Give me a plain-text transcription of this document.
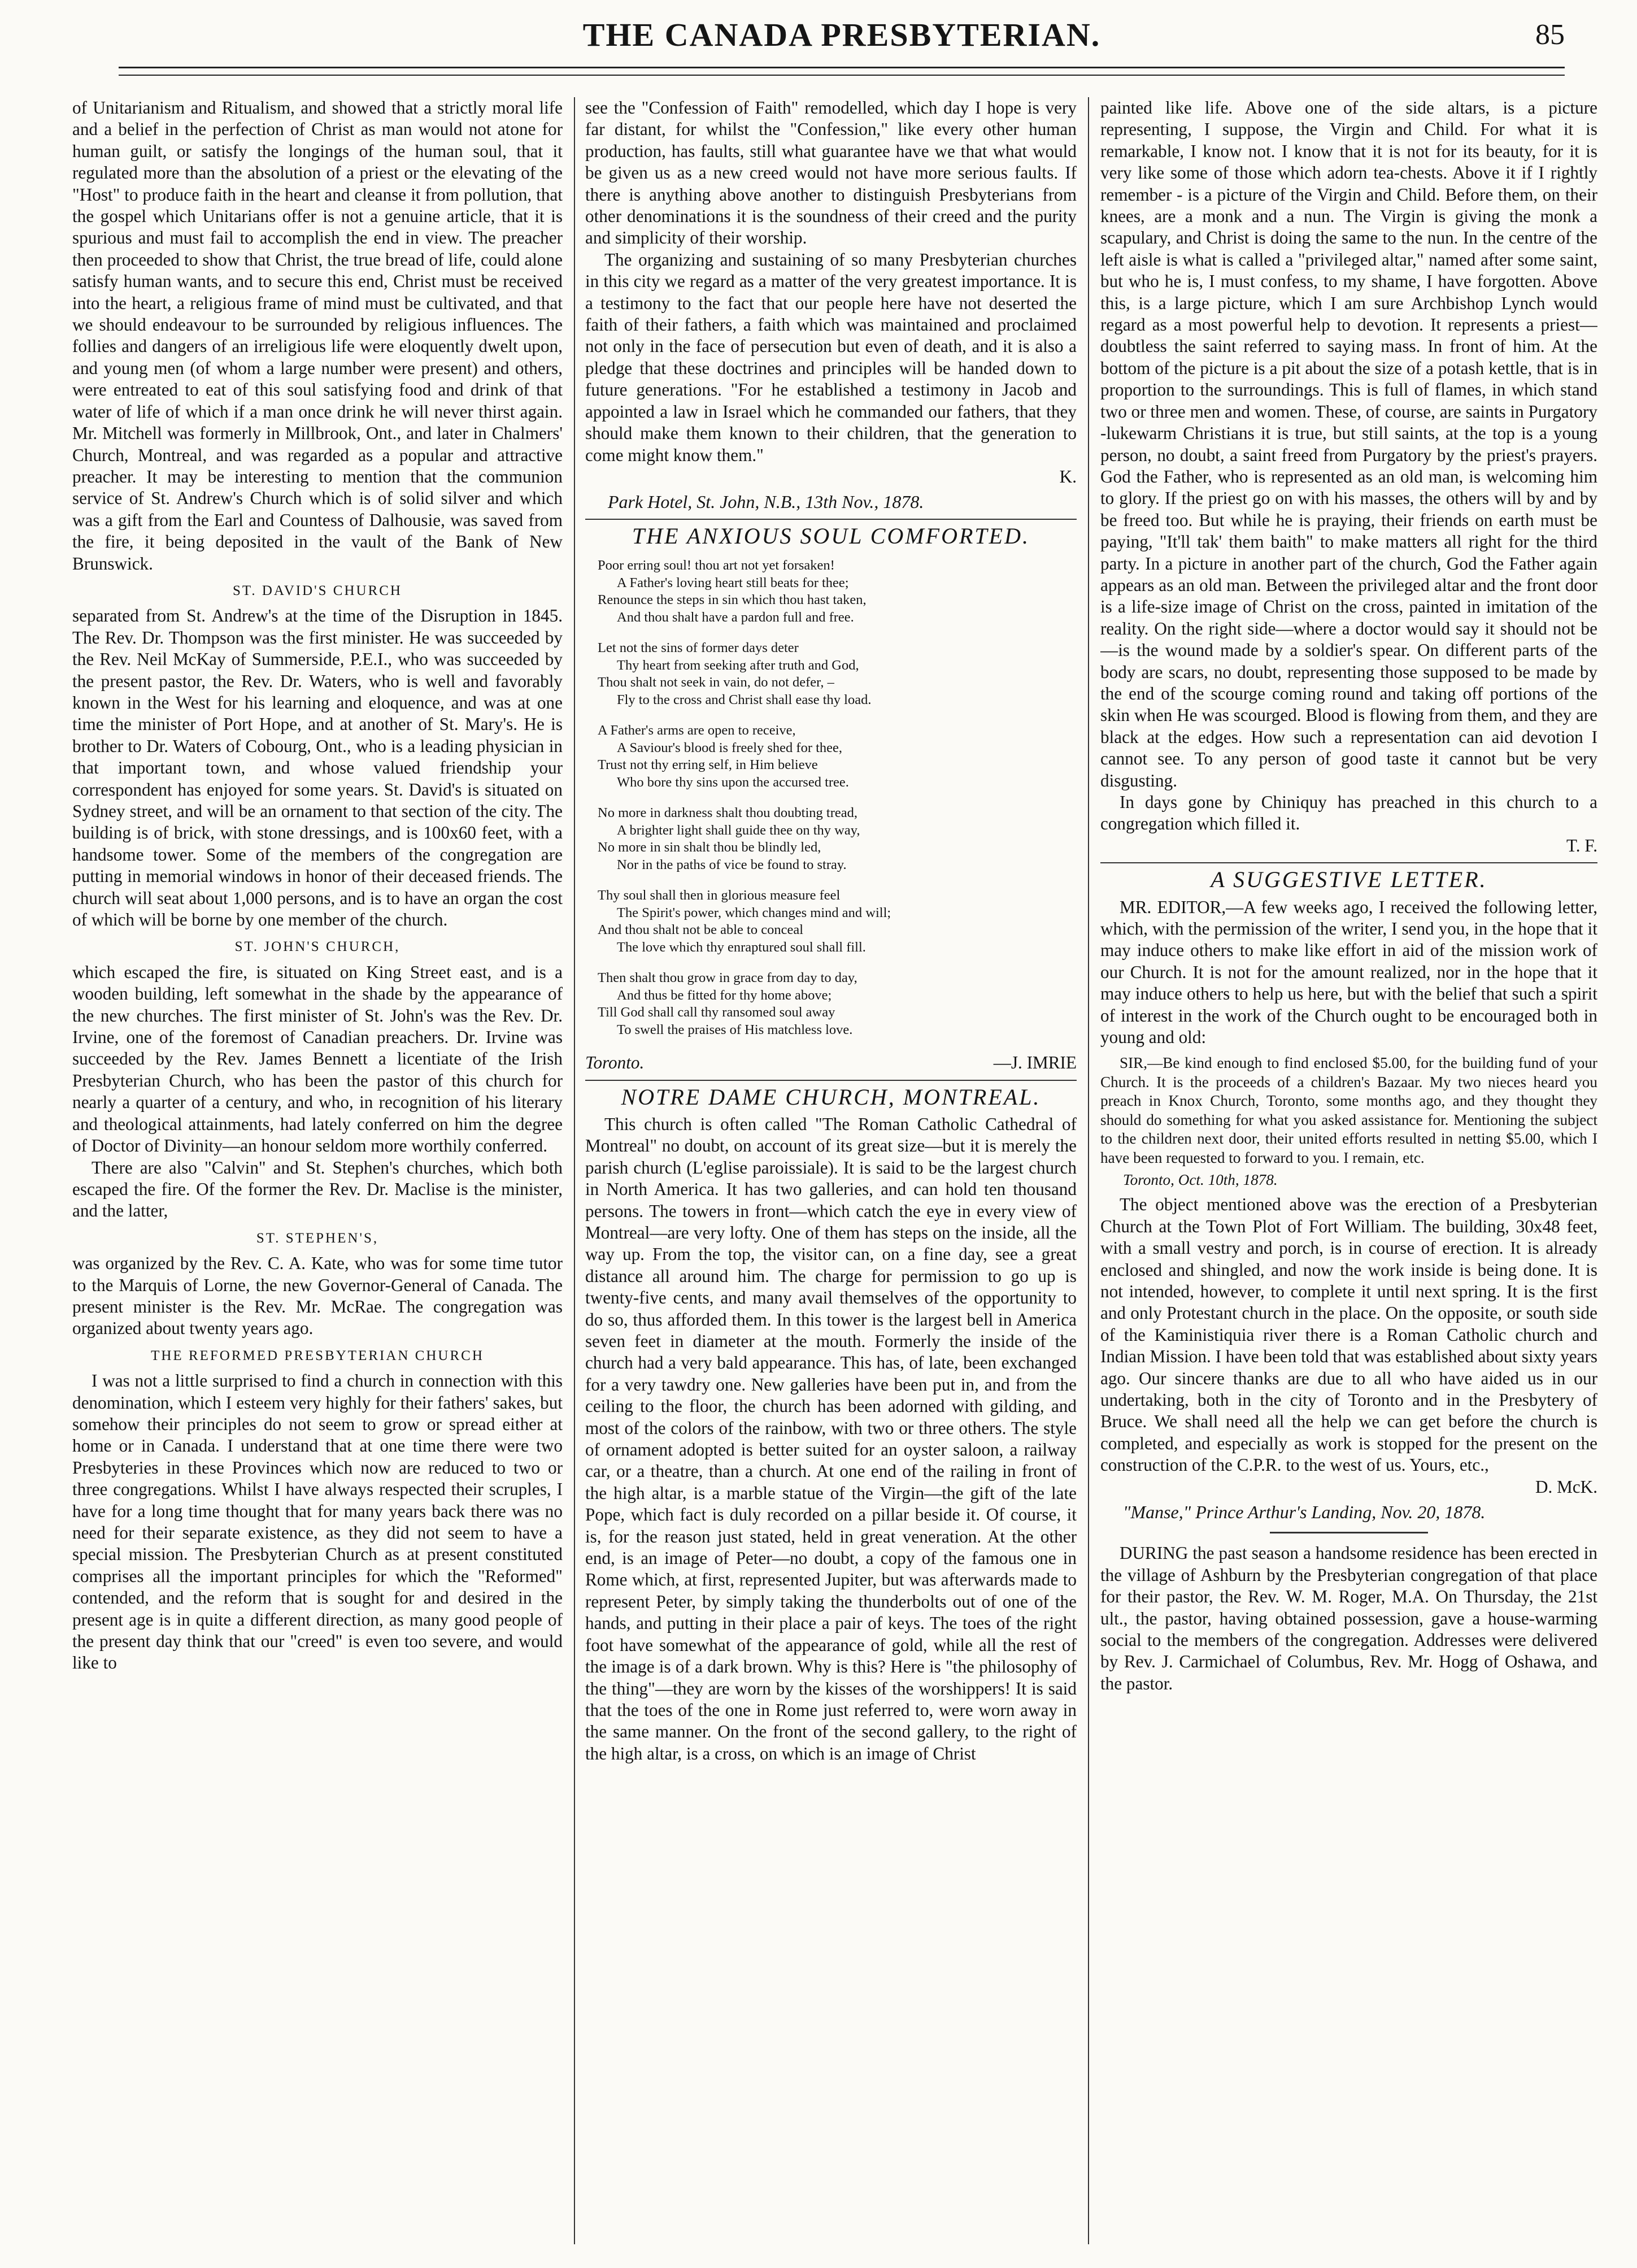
THE CANADA PRESBYTERIAN.	85

of Unitarianism and Ritualism, and showed that a strictly moral life and a belief in the perfection of Christ as man would not atone for human guilt, or satisfy the longings of the human soul, that it regulated more than the absolution of a priest or the elevating of the "Host" to produce faith in the heart and cleanse it from pollution, that the gospel which Unitarians offer is not a genuine article, that it is spurious and must fail to accomplish the end in view. The preacher then proceeded to show that Christ, the true bread of life, could alone satisfy human wants, and to secure this end, Christ must be received into the heart, a religious frame of mind must be cultivated, and that we should endeavour to be surrounded by religious influences. The follies and dangers of an irreligious life were eloquently dwelt upon, and young men (of whom a large number were present) and others, were entreated to eat of this soul satisfying food and drink of that water of life of which if a man once drink he will never thirst again. Mr. Mitchell was formerly in Millbrook, Ont., and later in Chalmers' Church, Montreal, and was regarded as a popular and attractive preacher. It may be interesting to mention that the communion service of St. Andrew's Church which is of solid silver and which was a gift from the Earl and Countess of Dalhousie, was saved from the fire, it being deposited in the vault of the Bank of New Brunswick.

ST. DAVID'S CHURCH

separated from St. Andrew's at the time of the Disruption in 1845. The Rev. Dr. Thompson was the first minister. He was succeeded by the Rev. Neil McKay of Summerside, P.E.I., who was succeeded by the present pastor, the Rev. Dr. Waters, who is well and favorably known in the West for his learning and eloquence, and was at one time the minister of Port Hope, and at another of St. Mary's. He is brother to Dr. Waters of Cobourg, Ont., who is a leading physician in that important town, and whose valued friendship your correspondent has enjoyed for some years. St. David's is situated on Sydney street, and will be an ornament to that section of the city. The building is of brick, with stone dressings, and is 100x60 feet, with a handsome tower. Some of the members of the congregation are putting in memorial windows in honor of their deceased friends. The church will seat about 1,000 persons, and is to have an organ the cost of which will be borne by one member of the church.

ST. JOHN'S CHURCH,

which escaped the fire, is situated on King Street east, and is a wooden building, left somewhat in the shade by the appearance of the new churches. The first minister of St. John's was the Rev. Dr. Irvine, one of the foremost of Canadian preachers. Dr. Irvine was succeeded by the Rev. James Bennett a licentiate of the Irish Presbyterian Church, who has been the pastor of this church for nearly a quarter of a century, and who, in recognition of his literary and theological attainments, had lately conferred on him the degree of Doctor of Divinity—an honour seldom more worthily conferred.

There are also "Calvin" and St. Stephen's churches, which both escaped the fire. Of the former the Rev. Dr. Maclise is the minister, and the latter,

ST. STEPHEN'S,

was organized by the Rev. C. A. Kate, who was for some time tutor to the Marquis of Lorne, the new Governor-General of Canada. The present minister is the Rev. Mr. McRae. The congregation was organized about twenty years ago.

THE REFORMED PRESBYTERIAN CHURCH

I was not a little surprised to find a church in connection with this denomination, which I esteem very highly for their fathers' sakes, but somehow their principles do not seem to grow or spread either at home or in Canada. I understand that at one time there were two Presbyteries in these Provinces which now are reduced to two or three congregations. Whilst I have always respected their scruples, I have for a long time thought that for many years back there was no need for their separate existence, as they did not seem to have a special mission. The Presbyterian Church as at present constituted comprises all the important principles for which the "Reformed" contended, and the reform that is sought for and desired in the present age is in quite a different direction, as many good people of the present day think that our "creed" is even too severe, and would like to

see the "Confession of Faith" remodelled, which day I hope is very far distant, for whilst the "Confession," like every other human production, has faults, still what guarantee have we that what would be given us as a new creed would not have more serious faults. If there is anything above another to distinguish Presbyterians from other denominations it is the soundness of their creed and the purity and simplicity of their worship.

The organizing and sustaining of so many Presbyterian churches in this city we regard as a matter of the very greatest importance. It is a testimony to the fact that our people here have not deserted the faith of their fathers, a faith which was maintained and proclaimed not only in the face of persecution but even of death, and it is also a pledge that these doctrines and principles will be handed down to future generations. "For he established a testimony in Jacob and appointed a law in Israel which he commanded our fathers, that they should make them known to their children, that the generation to come might know them."

K.
Park Hotel, St. John, N.B., 13th Nov., 1878.
THE ANXIOUS SOUL COMFORTED.
Poor erring soul! thou art not yet forsaken!
A Father's loving heart still beats for thee;
Renounce the steps in sin which thou hast taken,
And thou shalt have a pardon full and free.
Let not the sins of former days deter
Thy heart from seeking after truth and God,
Thou shalt not seek in vain, do not defer, –
Fly to the cross and Christ shall ease thy load.
A Father's arms are open to receive,
A Saviour's blood is freely shed for thee,
Trust not thy erring self, in Him believe
Who bore thy sins upon the accursed tree.
No more in darkness shalt thou doubting tread,
A brighter light shall guide thee on thy way,
No more in sin shalt thou be blindly led,
Nor in the paths of vice be found to stray.
Thy soul shall then in glorious measure feel
The Spirit's power, which changes mind and will;
And thou shalt not be able to conceal
The love which thy enraptured soul shall fill.
Then shalt thou grow in grace from day to day,
And thus be fitted for thy home above;
Till God shall call thy ransomed soul away
To swell the praises of His matchless love.
Toronto.	—J. IMRIE
NOTRE DAME CHURCH, MONTREAL.

This church is often called "The Roman Catholic Cathedral of Montreal" no doubt, on account of its great size—but it is merely the parish church (L'eglise paroissiale). It is said to be the largest church in North America. It has two galleries, and can hold ten thousand persons. The towers in front—which catch the eye in every view of Montreal—are very lofty. One of them has steps on the inside, all the way up. From the top, the visitor can, on a fine day, see a great distance all around him. The charge for permission to go up is twenty-five cents, and many avail themselves of the opportunity to do so, thus afforded them. In this tower is the largest bell in America seven feet in diameter at the mouth. Formerly the inside of the church had a very bald appearance. This has, of late, been exchanged for a very tawdry one. New galleries have been put in, and from the ceiling to the floor, the church has been adorned with gilding, and most of the colors of the rainbow, with two or three others. The style of ornament adopted is better suited for an oyster saloon, a railway car, or a theatre, than a church. At one end of the railing in front of the high altar, is a marble statue of the Virgin—the gift of the late Pope, which fact is duly recorded on a pillar beside it. Of course, it is, for the reason just stated, held in great veneration. At the other end, is an image of Peter—no doubt, a copy of the famous one in Rome which, at first, represented Jupiter, but was afterwards made to represent Peter, by simply taking the thunderbolts out of one of the hands, and putting in their place a pair of keys. The toes of the right foot have somewhat of the appearance of gold, while all the rest of the image is of a dark brown. Why is this? Here is "the philosophy of the thing"—they are worn by the kisses of the worshippers! It is said that the toes of the one in Rome just referred to, were worn away in the same manner. On the front of the second gallery, to the right of the high altar, is a cross, on which is an image of Christ

painted like life. Above one of the side altars, is a picture representing, I suppose, the Virgin and Child. For what it is remarkable, I know not. I know that it is not for its beauty, for it is very like some of those which adorn tea-chests. Above it if I rightly remember - is a picture of the Virgin and Child. Before them, on their knees, are a monk and a nun. The Virgin is giving the monk a scapulary, and Christ is doing the same to the nun. In the centre of the left aisle is what is called a "privileged altar," named after some saint, but who he is, I must confess, to my shame, I have forgotten. Above this, is a large picture, which I am sure Archbishop Lynch would regard as a most powerful help to devotion. It represents a priest—doubtless the saint referred to saying mass. In front of him. At the bottom of the picture is a pit about the size of a potash kettle, that is in proportion to the surroundings. This is full of flames, in which stand two or three men and women. These, of course, are saints in Purgatory -lukewarm Christians it is true, but still saints, at the top is a young person, no doubt, a saint freed from Purgatory by the priest's prayers. God the Father, who is represented as an old man, is welcoming him to glory. If the priest go on with his masses, the others will by and by be freed too. But while he is praying, their friends on earth must be paying, "It'll tak' them baith" to make matters all right for the third party. In a picture in another part of the church, God the Father again appears as an old man. Between the privileged altar and the front door is a life-size image of Christ on the cross, painted in imitation of the reality. On the right side—where a doctor would say it should not be—is the wound made by a soldier's spear. On different parts of the body are scars, no doubt, representing those supposed to be made by the end of the scourge coming round and taking off portions of the skin when He was scourged. Blood is flowing from them, and they are black at the edges. How such a representation can aid devotion I cannot see. To any person of good taste it cannot but be very disgusting.

In days gone by Chiniquy has preached in this church to a congregation which filled it.

T. F.
A SUGGESTIVE LETTER.

MR. EDITOR,—A few weeks ago, I received the following letter, which, with the permission of the writer, I send you, in the hope that it may induce others to make like effort in aid of the mission work of our Church. It is not for the amount realized, nor in the hope that it may induce others to help us here, but with the belief that such a spirit of interest in the work of the Church ought to be encouraged both in young and old:

SIR,—Be kind enough to find enclosed $5.00, for the building fund of your Church. It is the proceeds of a children's Bazaar. My two nieces heard you preach in Knox Church, Toronto, some months ago, and they thought they should do something for what you asked assistance for. Mentioning the subject to the children next door, their united efforts resulted in netting $5.00, which I have been requested to forward to you. I remain, etc.

Toronto, Oct. 10th, 1878.

The object mentioned above was the erection of a Presbyterian Church at the Town Plot of Fort William. The building, 30x48 feet, with a small vestry and porch, is in course of erection. It is already enclosed and shingled, and now the work inside is being done. It is not intended, however, to complete it until next spring. It is the first and only Protestant church in the place. On the opposite, or south side of the Kaministiquia river there is a Roman Catholic church and Indian Mission. I have been told that was established about sixty years ago. Our sincere thanks are due to all who have aided us in our undertaking, both in the city of Toronto and in the Presbytery of Bruce. We shall need all the help we can get before the church is completed, and especially as work is stopped for the present on the construction of the C.P.R. to the west of us. Yours, etc.,

D. McK.
"Manse," Prince Arthur's Landing, Nov. 20, 1878.

DURING the past season a handsome residence has been erected in the village of Ashburn by the Presbyterian congregation of that place for their pastor, the Rev. W. M. Roger, M.A. On Thursday, the 21st ult., the pastor, having obtained possession, gave a house-warming social to the members of the congregation. Addresses were delivered by Rev. J. Carmichael of Columbus, Rev. Mr. Hogg of Oshawa, and the pastor.
